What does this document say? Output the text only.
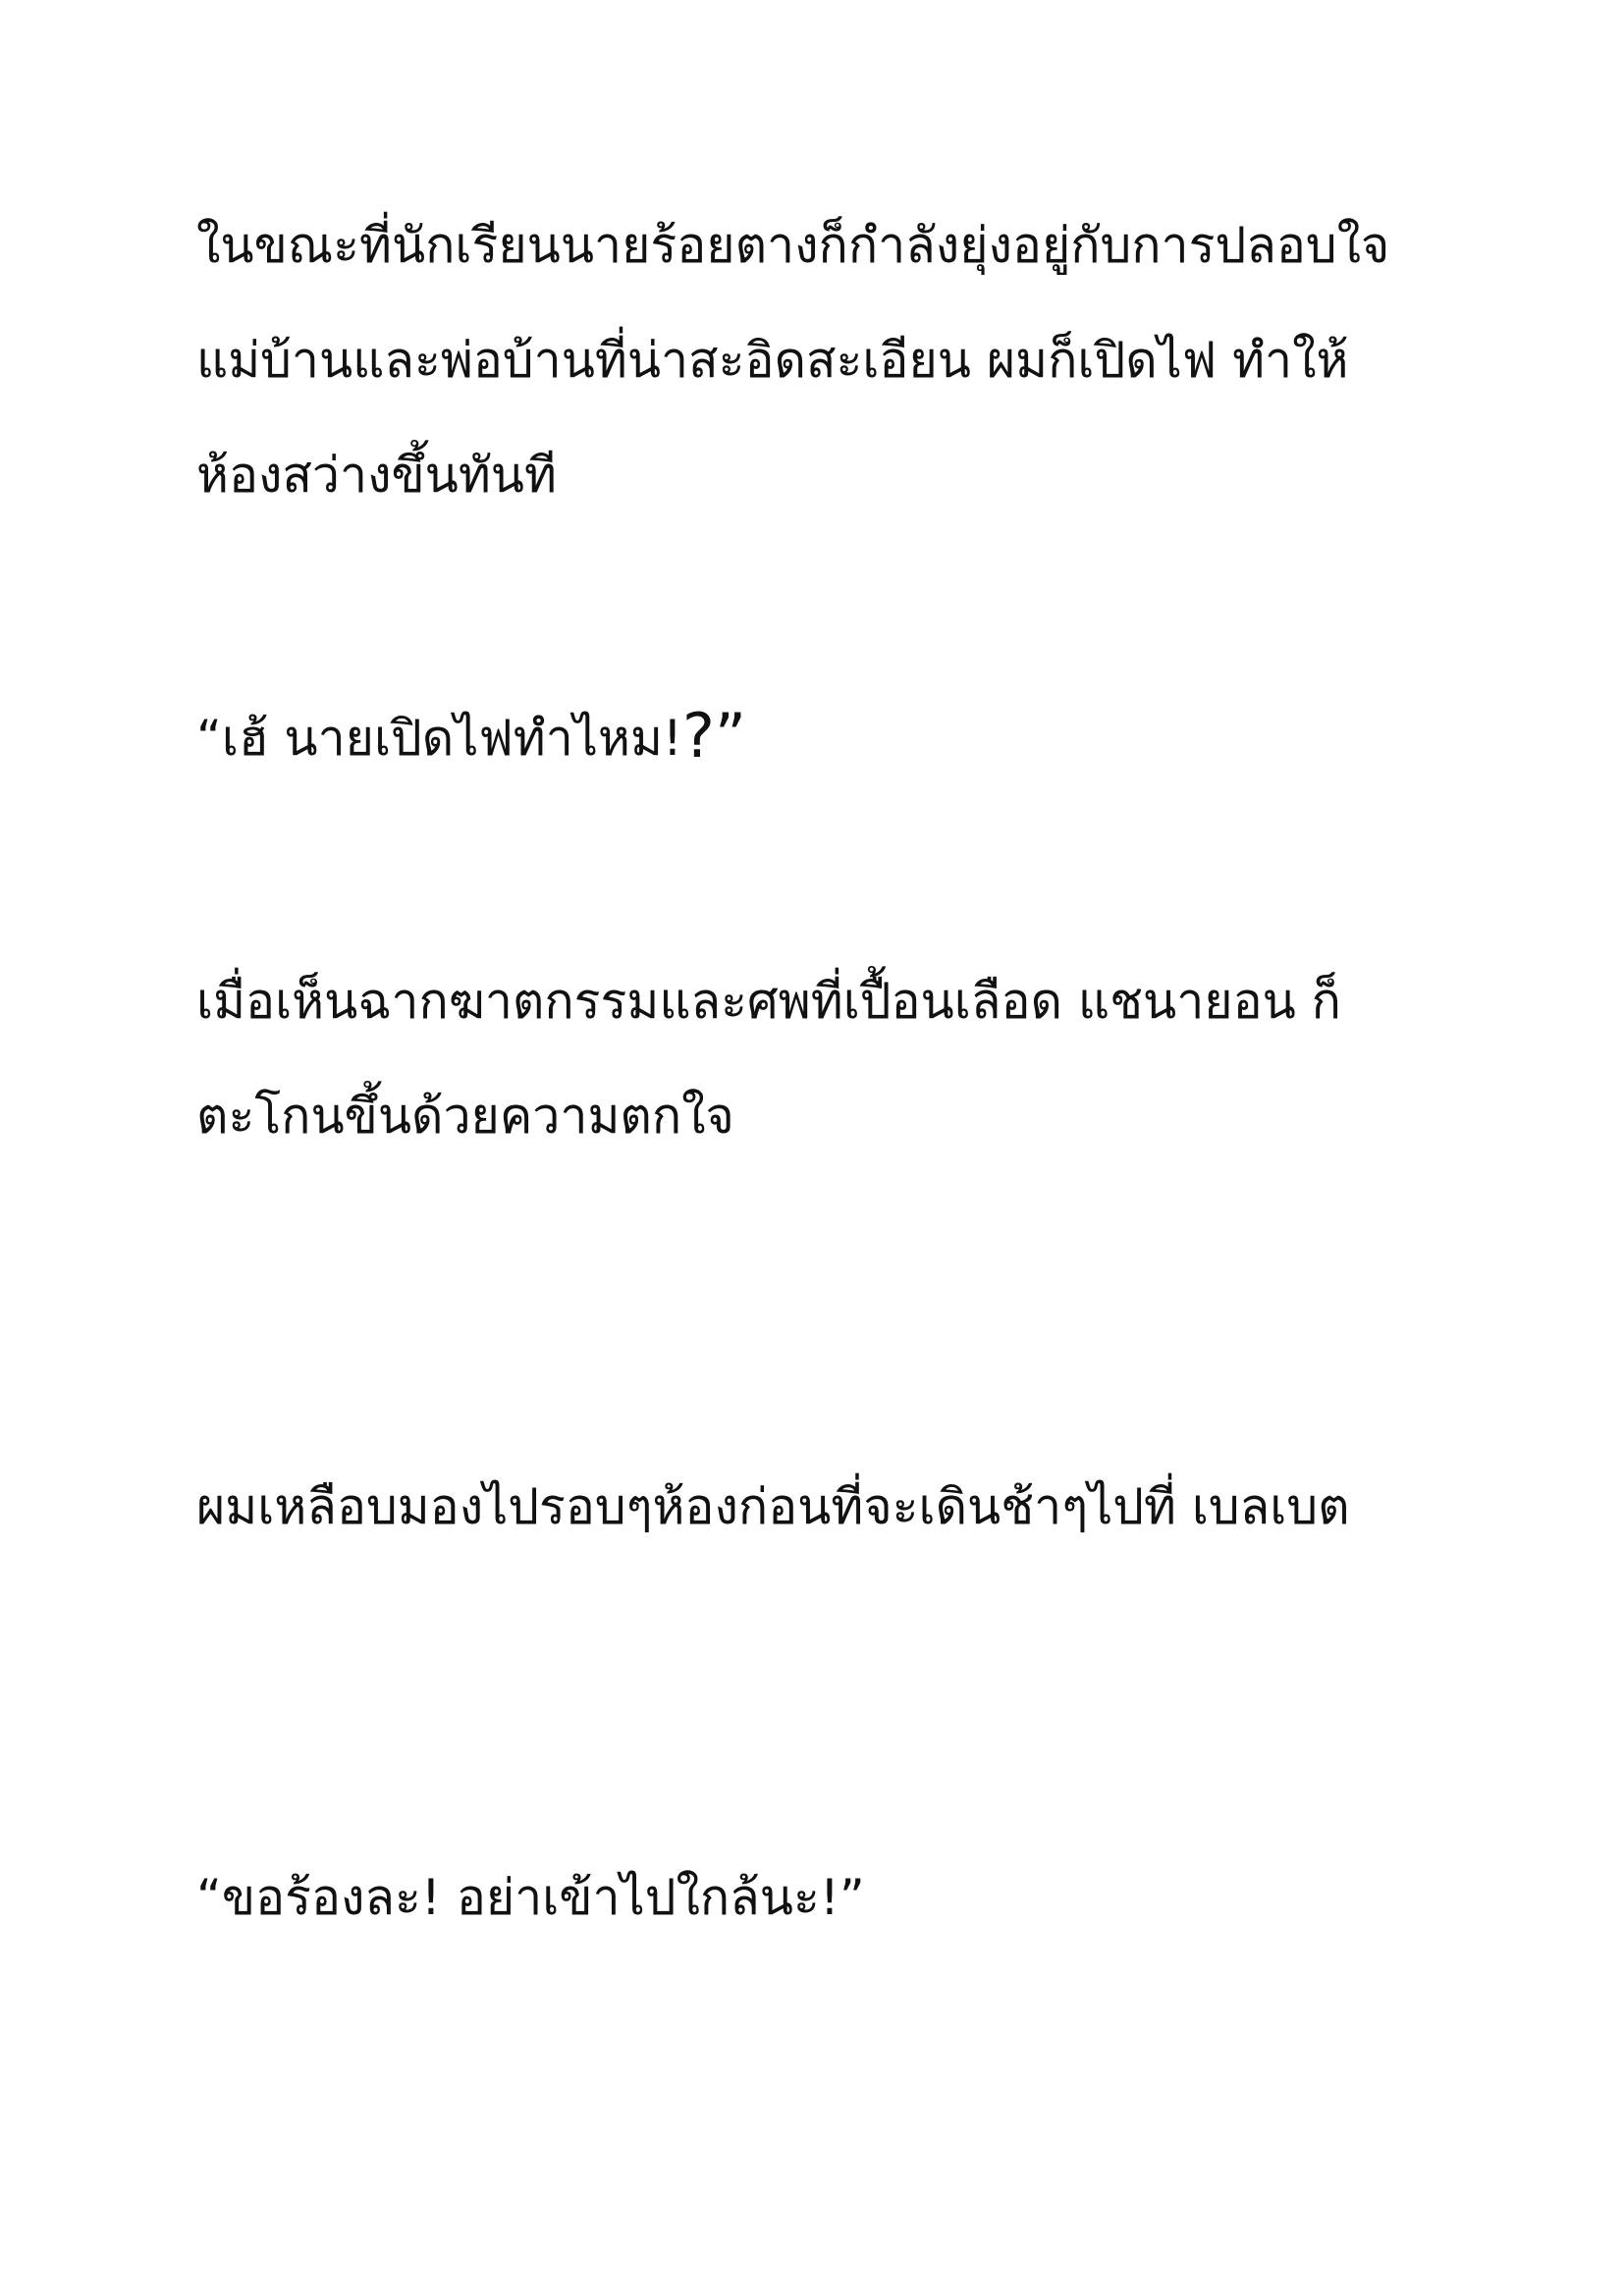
ในขณะที่นักเรียนนายร้อยตางก็กำลังยุ่งอยู่กับการปลอบใจ
แม่บ้านและพ่อบ้านที่น่าสะอิดสะเอียน ผมก็เปิดไฟ ทำให้
ห้องสว่างขึ้นทันที
“เฮ้ นายเปิดไฟทำไหม!?”
เมื่อเห็นฉากฆาตกรรมและศพที่เปื้อนเลือด แชนายอน ก็
ตะโกนขึ้นด้วยความตกใจ
ผมเหลือบมองไปรอบๆห้องก่อนที่จะเดินช้าๆไปที่ เบลเบต
“ขอร้องละ! อย่าเข้าไปใกล้นะ!”
